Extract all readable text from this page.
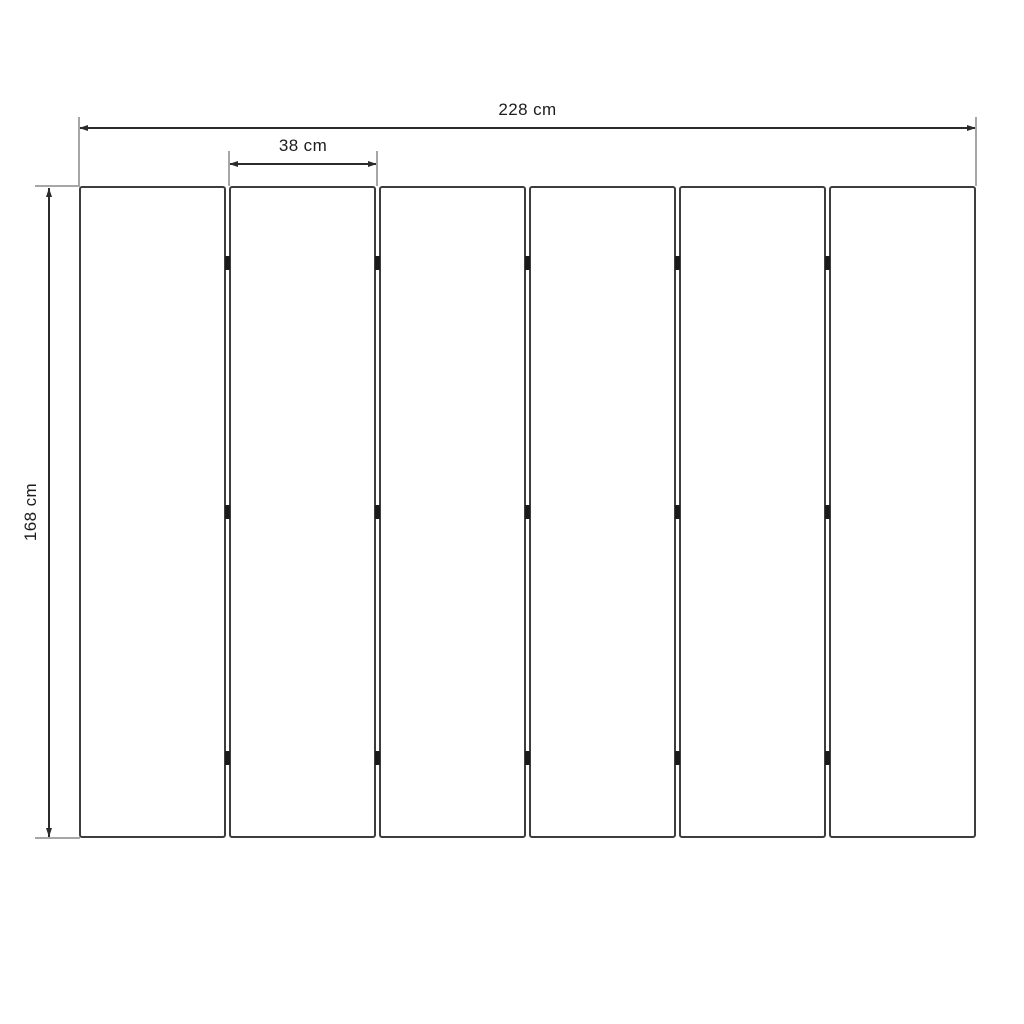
228 cm
38 cm
168 cm
